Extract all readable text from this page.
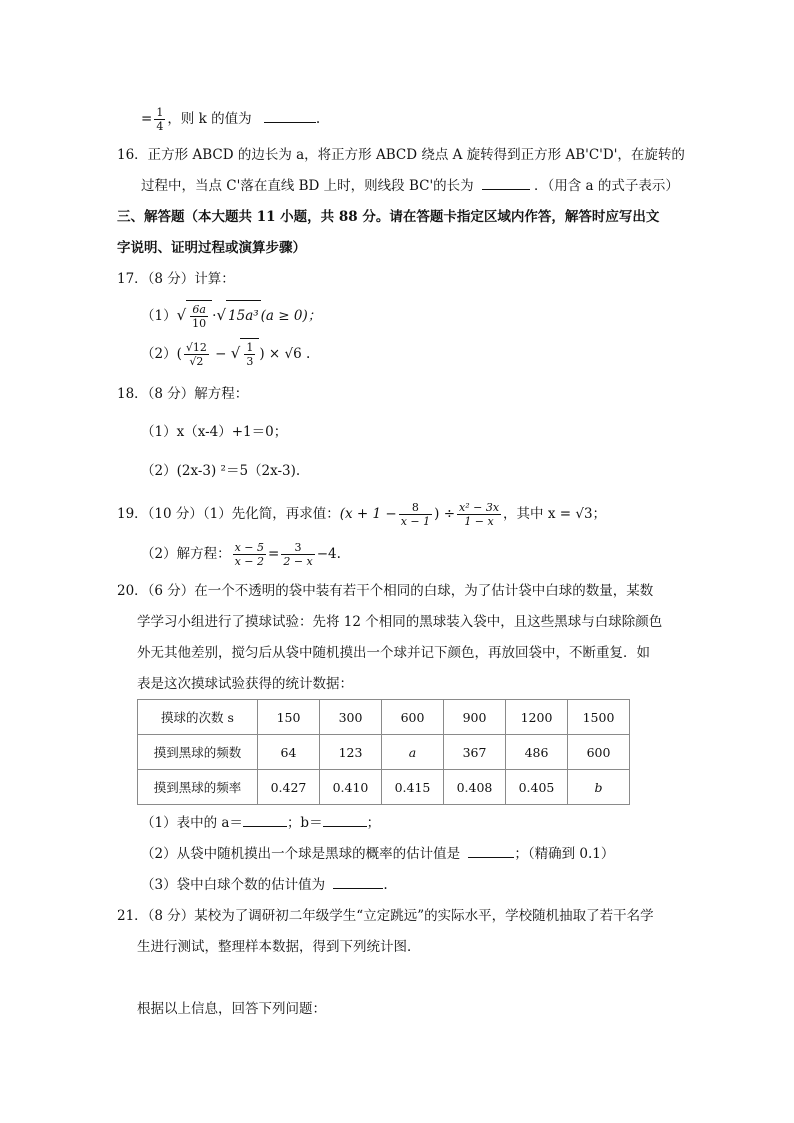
= $\frac{1}{4}$ ，则 k 的值为	.
16．正方形 ABCD 的边长为 a，将正方形 ABCD 绕点 A 旋转得到正方形 AB'C'D'，在旋转的
过程中，当点 C'落在直线 BD 上时，则线段 BC'的长为	．（用含 a 的式子表示）
三、解答题（本大题共 11 小题，共 88 分。请在答题卡指定区域内作答，解答时应写出文
字说明、证明过程或演算步骤）
17．（8 分）计算：
$(1)√ \frac{6a}{10}$ ·√ 15a³ (a ≥ 0)；
$(2)( \frac{√12}{√2}$ − √ $\frac{1}{3}$ ) × √6 .
18．（8 分）解方程：
（1）x（x-4）+1＝0；
（2）(2x-3) ²＝5（2x-3).
19．（10 分）（1）先化简，再求值：($x + 1 - \frac{8}{x - 1}$ ) ÷ $\frac{\text{x² − 3x}}{1 - x}$ ，其中 x = √3；
（2）解方程： $\frac{x - 5}{x - 2} = \frac{3}{2 - x} -4$.
20．（6 分）在一个不透明的袋中装有若干个相同的白球，为了估计袋中白球的数量，某数
学学习小组进行了摸球试验：先将 12 个相同的黑球装入袋中，且这些黑球与白球除颜色
外无其他差别，搅匀后从袋中随机摸出一个球并记下颜色，再放回袋中，不断重复．如
表是这次摸球试验获得的统计数据：
摸球的次数 s	150	300	600	900	1200	1500
摸到黑球的频数	64	123	a	367	486	600
摸到黑球的频率	0.427	0.410	0.415	0.408	0.405	b
（1）表中的 a＝	；b＝	；
（2）从袋中随机摸出一个球是黑球的概率的估计值是	；（精确到 0.1）
（3）袋中白球个数的估计值为	.
21．（8 分）某校为了调研初二年级学生“立定跳远”的实际水平，学校随机抽取了若干名学
生进行测试，整理样本数据，得到下列统计图．
根据以上信息，回答下列问题：
